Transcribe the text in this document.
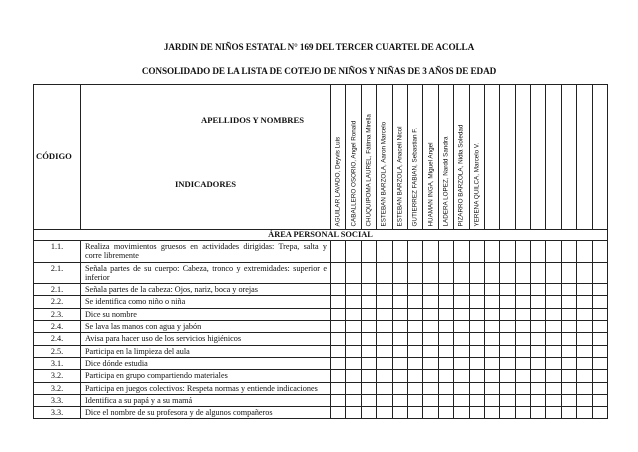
JARDIN DE NIÑOS ESTATAL N° 169 DEL TERCER CUARTEL DE ACOLLA
CONSOLIDADO DE LA LISTA DE COTEJO DE NIÑOS Y NIÑAS DE 3 AÑOS DE EDAD
CÓDIGO	APELLIDOS Y NOMBRES
INDICADORES	AGUILAR LAVADO, Deyvis Luis	CABALLERO OSORIO, Angel Ronald	CHUQUIPOMA LAUREL, Fátima Mirella	ESTEBAN BARZOLA, Aaron Marcelo	ESTEBAN BARZOLA, Anaceli Nicol	GUTIERREZ FABIAN, Sebastian F.	HUAMAN INGA, Miguel Angel	LADERA LOPEZ, Nardd Sandra	PIZARRO BARZOLA, Nidia Soledad	YERENA QUILCA, Marcelo V.								

ÁREA PERSONAL SOCIAL																			
1.1.	Realiza movimientos gruesos en actividades dirigidas: Trepa, salta y corre libremente																		
2.1.	Señala partes de su cuerpo: Cabeza, tronco y extremidades: superior e inferior																		
2.1.	Señala partes de la cabeza: Ojos, nariz, boca y orejas																		
2.2.	Se identifica como niño o niña																		
2.3.	Dice su nombre																		
2.4.	Se lava las manos con agua y jabón																		
2.4.	Avisa para hacer uso de los servicios higiénicos																		
2.5.	Participa en la limpieza del aula																		
3.1.	Dice dónde estudia																		
3.2.	Participa en grupo compartiendo materiales																		
3.2.	Participa en juegos colectivos: Respeta normas y entiende indicaciones																		
3.3.	Identifica a su papá y a su mamá																		
3.3.	Dice el nombre de su profesora y de algunos compañeros																		
